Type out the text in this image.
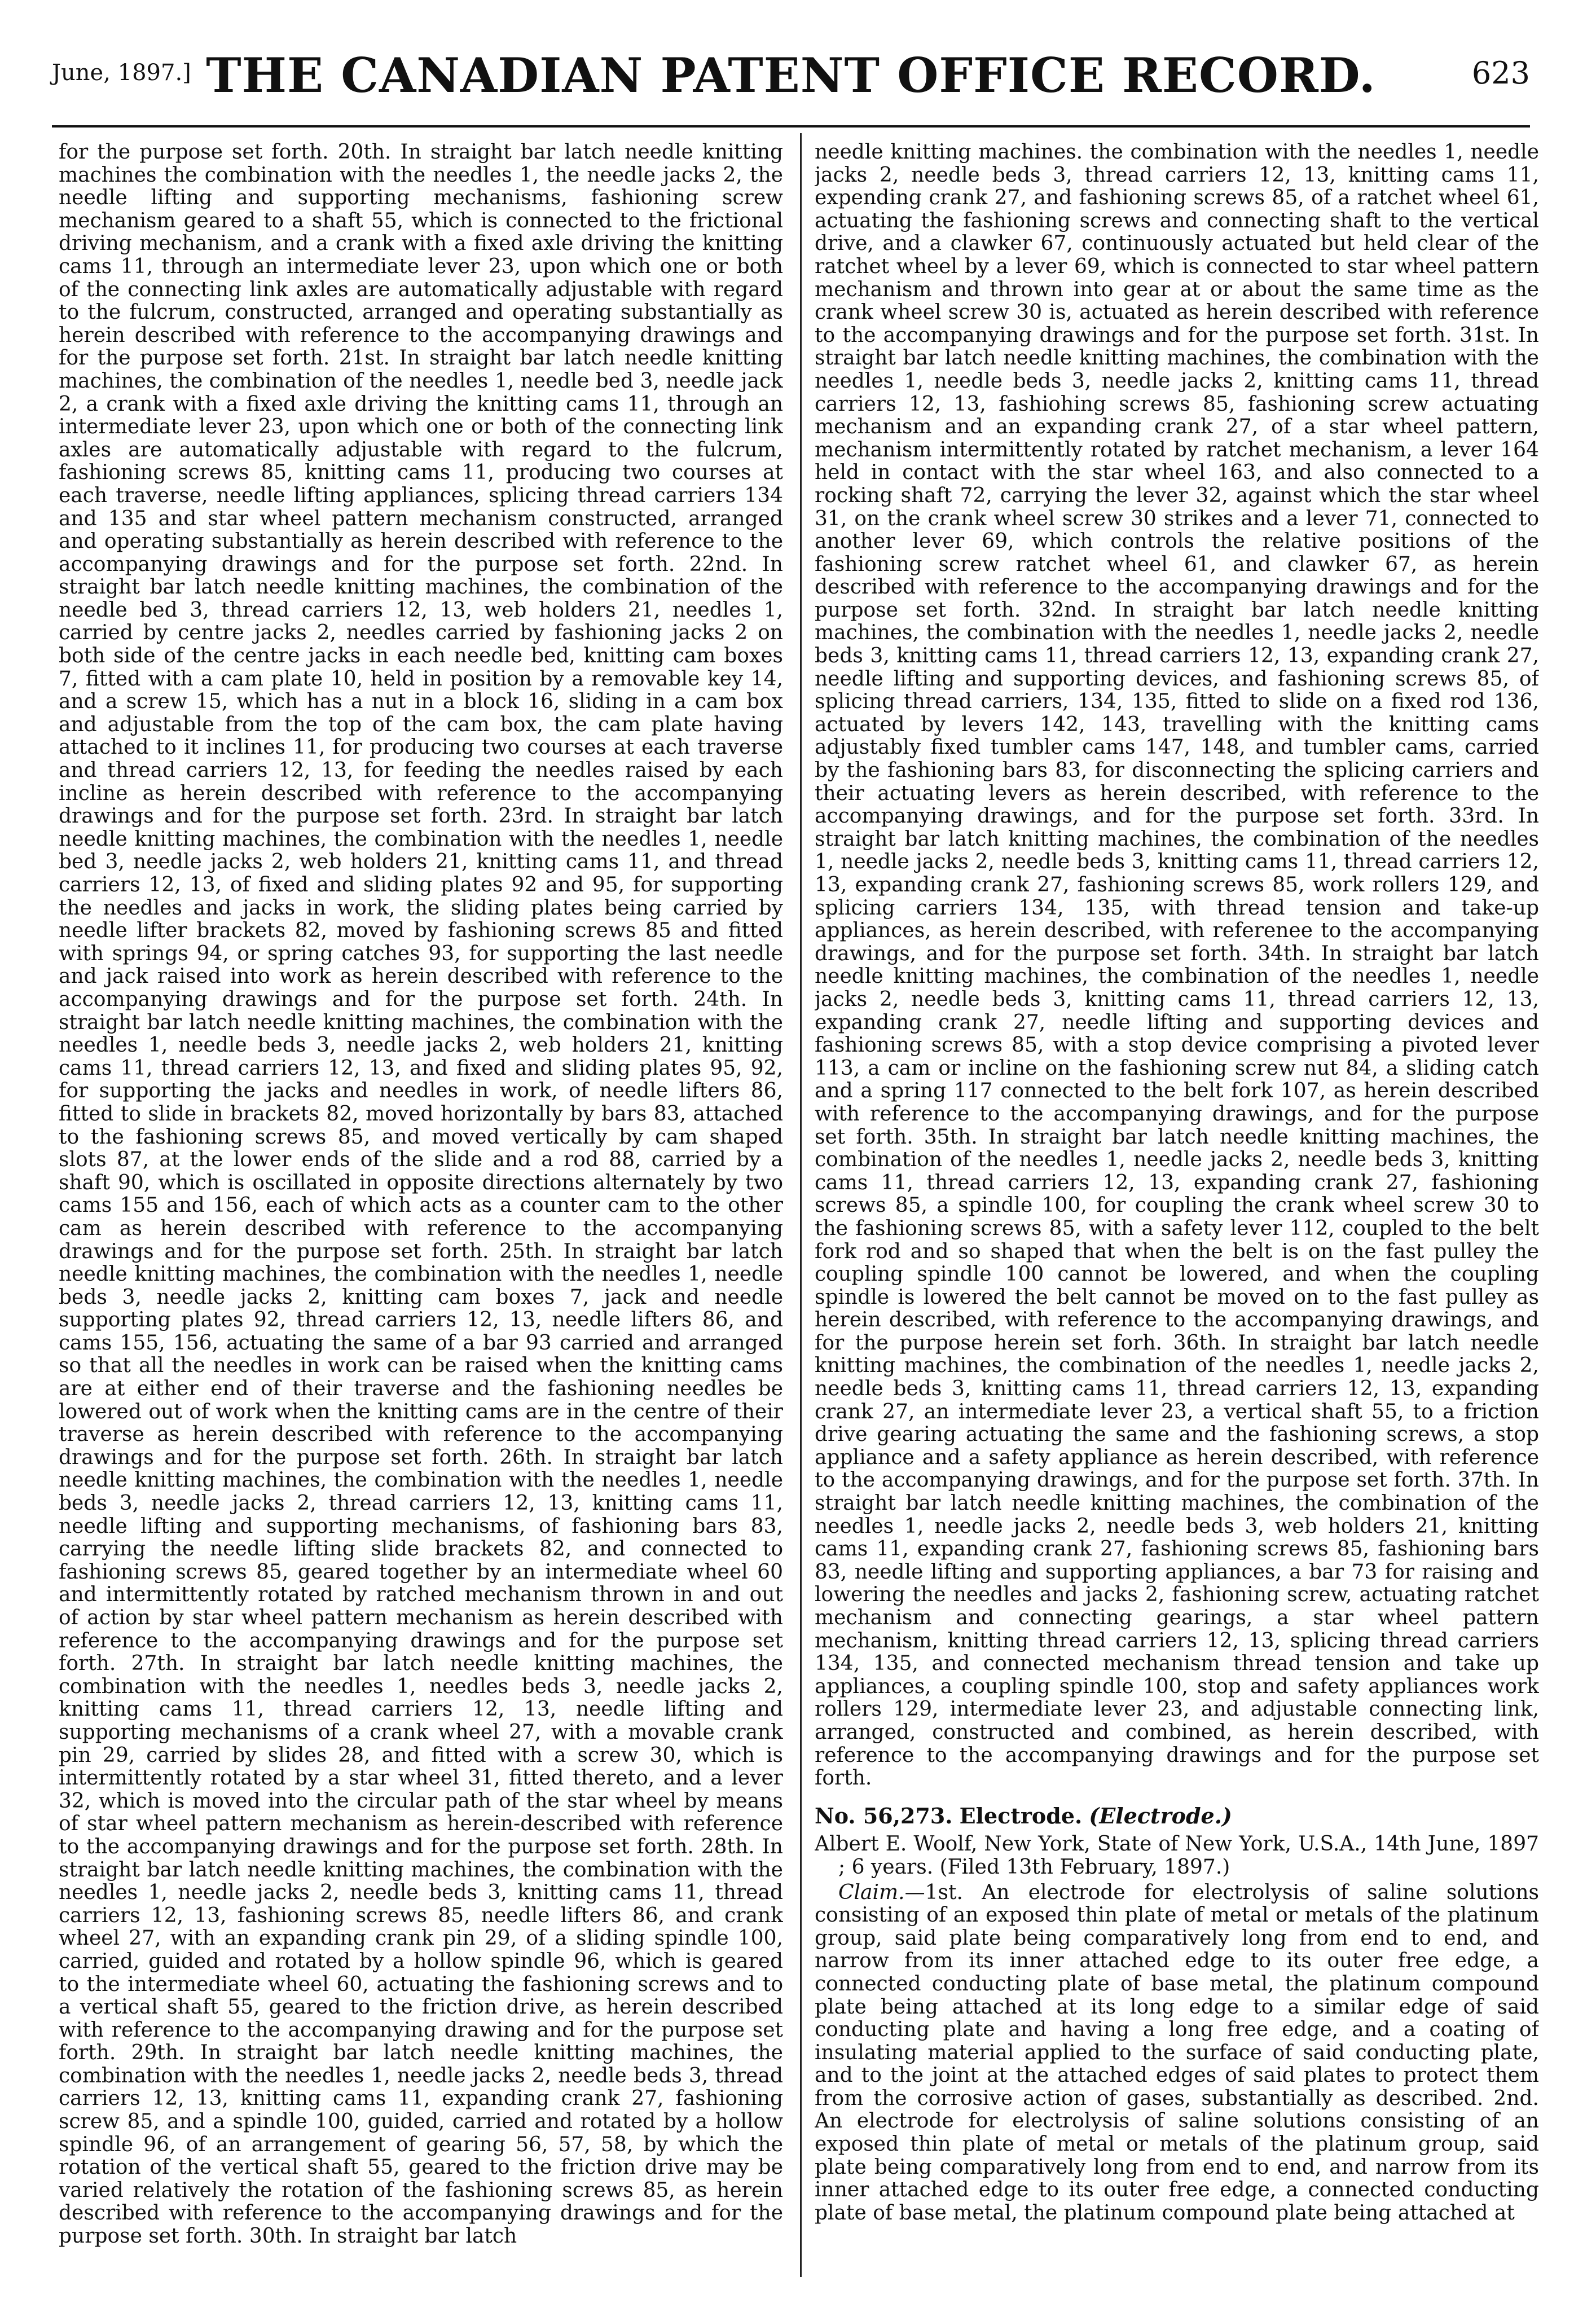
June, 1897.] THE CANADIAN PATENT OFFICE RECORD.	623

for the purpose set forth. 20th. In straight bar latch needle knitting machines the combination with the needles 1, the needle jacks 2, the needle lifting and supporting mechanisms, fashioning screw mechanism geared to a shaft 55, which is connected to the frictional driving mechanism, and a crank with a fixed axle driving the knitting cams 11, through an intermediate lever 23, upon which one or both of the connecting link axles are automatically adjustable with regard to the fulcrum, constructed, arranged and operating substantially as herein described with reference to the accompanying drawings and for the purpose set forth. 21st. In straight bar latch needle knitting machines, the combination of the needles 1, needle bed 3, needle jack 2, a crank with a fixed axle driving the knitting cams 11, through an intermediate lever 23, upon which one or both of the connecting link axles are automatically adjustable with regard to the fulcrum, fashioning screws 85, knitting cams 11, producing two courses at each traverse, needle lifting appliances, splicing thread carriers 134 and 135 and star wheel pattern mechanism constructed, arranged and operating substantially as herein described with reference to the accompanying drawings and for the purpose set forth. 22nd. In straight bar latch needle knitting machines, the combination of the needle bed 3, thread carriers 12, 13, web holders 21, needles 1, carried by centre jacks 2, needles carried by fashioning jacks 2 on both side of the centre jacks in each needle bed, knitting cam boxes 7, fitted with a cam plate 10, held in position by a removable key 14, and a screw 15, which has a nut in a block 16, sliding in a cam box and adjustable from the top of the cam box, the cam plate having attached to it inclines 11, for producing two courses at each traverse and thread carriers 12, 13, for feeding the needles raised by each incline as herein described with reference to the accompanying drawings and for the purpose set forth. 23rd. In straight bar latch needle knitting machines, the combination with the needles 1, needle bed 3, needle jacks 2, web holders 21, knitting cams 11, and thread carriers 12, 13, of fixed and sliding plates 92 and 95, for supporting the needles and jacks in work, the sliding plates being carried by needle lifter brackets 82, moved by fashioning screws 85 and fitted with springs 94, or spring catches 93, for supporting the last needle and jack raised into work as herein described with reference to the accompanying drawings and for the purpose set forth. 24th. In straight bar latch needle knitting machines, the combination with the needles 1, needle beds 3, needle jacks 2, web holders 21, knitting cams 11, thread carriers 12, 13, and fixed and sliding plates 95, 92, for supporting the jacks and needles in work, of needle lifters 86, fitted to slide in brackets 82, moved horizontally by bars 83, attached to the fashioning screws 85, and moved vertically by cam shaped slots 87, at the lower ends of the slide and a rod 88, carried by a shaft 90, which is oscillated in opposite directions alternately by two cams 155 and 156, each of which acts as a counter cam to the other cam as herein described with reference to the accompanying drawings and for the purpose set forth. 25th. In straight bar latch needle knitting machines, the combination with the needles 1, needle beds 3, needle jacks 2, knitting cam boxes 7, jack and needle supporting plates 92, thread carriers 12, 13, needle lifters 86, and cams 155, 156, actuating the same of a bar 93 carried and arranged so that all the needles in work can be raised when the knitting cams are at either end of their traverse and the fashioning needles be lowered out of work when the knitting cams are in the centre of their traverse as herein described with reference to the accompanying drawings and for the purpose set forth. 26th. In straight bar latch needle knitting machines, the combination with the needles 1, needle beds 3, needle jacks 2, thread carriers 12, 13, knitting cams 11, needle lifting and supporting mechanisms, of fashioning bars 83, carrying the needle lifting slide brackets 82, and connected to fashioning screws 85, geared together by an intermediate wheel 60 and intermittently rotated by ratched mechanism thrown in and out of action by star wheel pattern mechanism as herein described with reference to the accompanying drawings and for the purpose set forth. 27th. In straight bar latch needle knitting machines, the combination with the needles 1, needles beds 3, needle jacks 2, knitting cams 11, thread carriers 12, 13, needle lifting and supporting mechanisms of a crank wheel 27, with a movable crank pin 29, carried by slides 28, and fitted with a screw 30, which is intermittently rotated by a star wheel 31, fitted thereto, and a lever 32, which is moved into the circular path of the star wheel by means of star wheel pattern mechanism as herein-described with reference to the accompanying drawings and for the purpose set forth. 28th. In straight bar latch needle knitting machines, the combination with the needles 1, needle jacks 2, needle beds 3, knitting cams 11, thread carriers 12, 13, fashioning screws 85, needle lifters 86, and crank wheel 27, with an expanding crank pin 29, of a sliding spindle 100, carried, guided and rotated by a hollow spindle 96, which is geared to the intermediate wheel 60, actuating the fashioning screws and to a vertical shaft 55, geared to the friction drive, as herein described with reference to the accompanying drawing and for the purpose set forth. 29th. In straight bar latch needle knitting machines, the combination with the needles 1, needle jacks 2, needle beds 3, thread carriers 12, 13, knitting cams 11, expanding crank 27, fashioning screw 85, and a spindle 100, guided, carried and rotated by a hollow spindle 96, of an arrangement of gearing 56, 57, 58, by which the rotation of the vertical shaft 55, geared to the friction drive may be varied relatively the rotation of the fashioning screws 85, as herein described with reference to the accompanying drawings and for the purpose set forth. 30th. In straight bar latch

needle knitting machines. the combination with the needles 1, needle jacks 2, needle beds 3, thread carriers 12, 13, knitting cams 11, expending crank 27, and fashioning screws 85, of a ratchet wheel 61, actuating the fashioning screws and connecting shaft to the vertical drive, and a clawker 67, continuously actuated but held clear of the ratchet wheel by a lever 69, which is connected to star wheel pattern mechanism and thrown into gear at or about the same time as the crank wheel screw 30 is, actuated as herein described with reference to the accompanying drawings and for the purpose set forth. 31st. In straight bar latch needle knitting machines, the combination with the needles 1, needle beds 3, needle jacks 2, knitting cams 11, thread carriers 12, 13, fashiohing screws 85, fashioning screw actuating mechanism and an expanding crank 27, of a star wheel pattern, mechanism intermittently rotated by ratchet mechanism, a lever 164 held in contact with the star wheel 163, and also connected to a rocking shaft 72, carrying the lever 32, against which the star wheel 31, on the crank wheel screw 30 strikes and a lever 71, connected to another lever 69, which controls the relative positions of the fashioning screw ratchet wheel 61, and clawker 67, as herein described with reference to the accompanying drawings and for the purpose set forth. 32nd. In straight bar latch needle knitting machines, the combination with the needles 1, needle jacks 2, needle beds 3, knitting cams 11, thread carriers 12, 13, expanding crank 27, needle lifting and supporting devices, and fashioning screws 85, of splicing thread carriers, 134, 135, fitted to slide on a fixed rod 136, actuated by levers 142, 143, travelling with the knitting cams adjustably fixed tumbler cams 147, 148, and tumbler cams, carried by the fashioning bars 83, for disconnecting the splicing carriers and their actuating levers as herein described, with reference to the accompanying drawings, and for the purpose set forth. 33rd. In straight bar latch knitting machines, the combination of the needles 1, needle jacks 2, needle beds 3, knitting cams 11, thread carriers 12, 13, expanding crank 27, fashioning screws 85, work rollers 129, and splicing carriers 134, 135, with thread tension and take-up appliances, as herein described, with referenee to the accompanying drawings, and for the purpose set forth. 34th. In straight bar latch needle knitting machines, the combination of the needles 1, needle jacks 2, needle beds 3, knitting cams 11, thread carriers 12, 13, expanding crank 27, needle lifting and supporting devices and fashioning screws 85, with a stop device comprising a pivoted lever 113, a cam or incline on the fashioning screw nut 84, a sliding catch and a spring 117 connected to the belt fork 107, as herein described with reference to the accompanying drawings, and for the purpose set forth. 35th. In straight bar latch needle knitting machines, the combination of the needles 1, needle jacks 2, needle beds 3, knitting cams 11, thread carriers 12, 13, expanding crank 27, fashioning screws 85, a spindle 100, for coupling the crank wheel screw 30 to the fashioning screws 85, with a safety lever 112, coupled to the belt fork rod and so shaped that when the belt is on the fast pulley the coupling spindle 100 cannot be lowered, and when the coupling spindle is lowered the belt cannot be moved on to the fast pulley as herein described, with reference to the accompanying drawings, and for the purpose herein set forh. 36th. In straight bar latch needle knitting machines, the combination of the needles 1, needle jacks 2, needle beds 3, knitting cams 11, thread carriers 12, 13, expanding crank 27, an intermediate lever 23, a vertical shaft 55, to a friction drive gearing actuating the same and the fashioning screws, a stop appliance and a safety appliance as herein described, with reference to the accompanying drawings, and for the purpose set forth. 37th. In straight bar latch needle knitting machines, the combination of the needles 1, needle jacks 2, needle beds 3, web holders 21, knitting cams 11, expanding crank 27, fashioning screws 85, fashioning bars 83, needle lifting and supporting appliances, a bar 73 for raising and lowering the needles and jacks 2, fashioning screw, actuating ratchet mechanism and connecting gearings, a star wheel pattern mechanism, knitting thread carriers 12, 13, splicing thread carriers 134, 135, and connected mechanism thread tension and take up appliances, a coupling spindle 100, stop and safety appliances work rollers 129, intermediate lever 23, and adjustable connecting link, arranged, constructed and combined, as herein described, with reference to the accompanying drawings and for the purpose set forth.

No. 56,273. Electrode. (Electrode.)

Albert E. Woolf, New York, State of New York, U.S.A., 14th June, 1897 ; 6 years. (Filed 13th February, 1897.)

Claim.—1st. An electrode for electrolysis of saline solutions consisting of an exposed thin plate of metal or metals of the platinum group, said plate being comparatively long from end to end, and narrow from its inner attached edge to its outer free edge, a connected conducting plate of base metal, the platinum compound plate being attached at its long edge to a similar edge of said conducting plate and having a long free edge, and a coating of insulating material applied to the surface of said conducting plate, and to the joint at the attached edges of said plates to protect them from the corrosive action of gases, substantially as described. 2nd. An electrode for electrolysis of saline solutions consisting of an exposed thin plate of metal or metals of the platinum group, said plate being comparatively long from end to end, and narrow from its inner attached edge to its outer free edge, a connected conducting plate of base metal, the platinum compound plate being attached at
